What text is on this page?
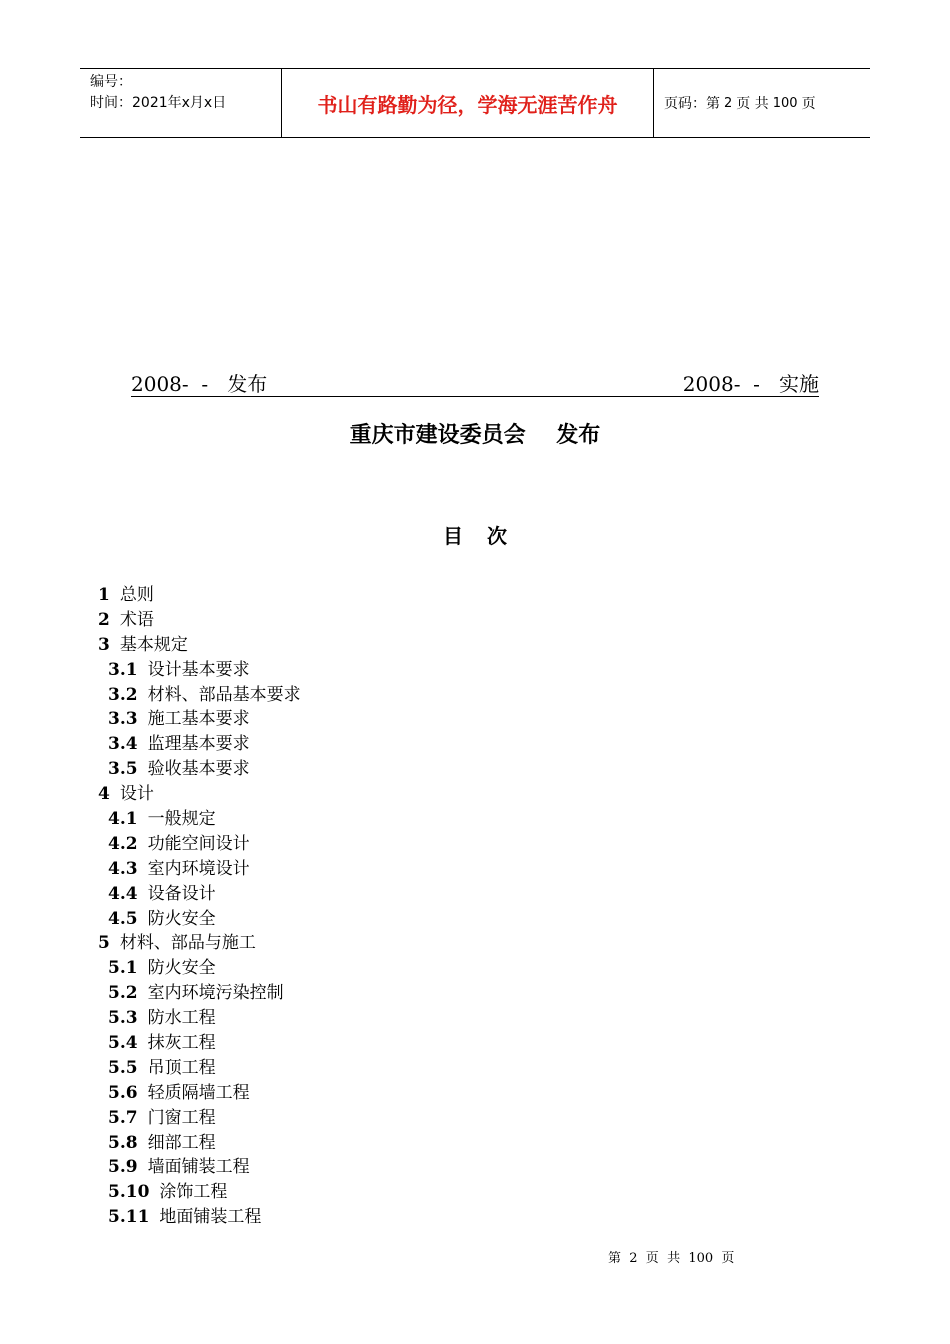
编号：
时间：2021年x月x日	书山有路勤为径，学海无涯苦作舟	页码：第 2 页 共 100 页
2008-  -   发布	2008-  -   实施
重庆市建设委员会    发布
目次
1 总则
2 术语
3 基本规定
3.1 设计基本要求
3.2 材料、部品基本要求
3.3 施工基本要求
3.4 监理基本要求
3.5 验收基本要求
4 设计
4.1 一般规定
4.2 功能空间设计
4.3 室内环境设计
4.4 设备设计
4.5 防火安全
5 材料、部品与施工
5.1 防火安全
5.2 室内环境污染控制
5.3 防水工程
5.4 抹灰工程
5.5 吊顶工程
5.6 轻质隔墙工程
5.7 门窗工程
5.8 细部工程
5.9 墙面铺装工程
5.10 涂饰工程
5.11 地面铺装工程
第  2  页  共  100  页
